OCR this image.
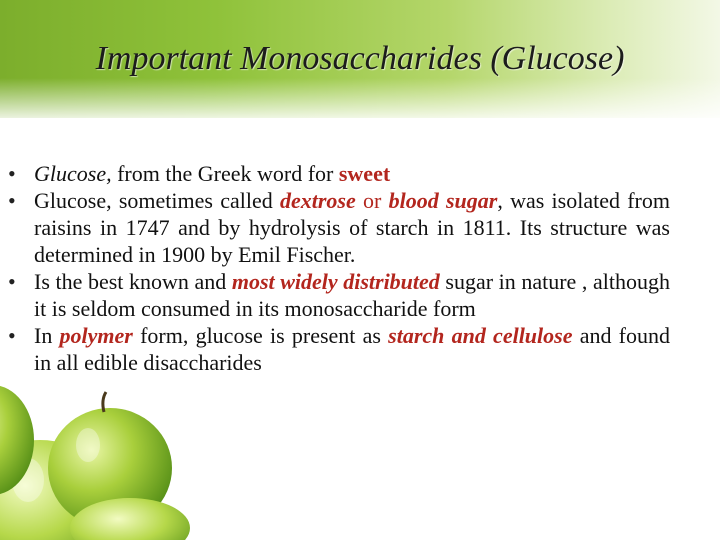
Important Monosaccharides (Glucose)
• Glucose, from the Greek word for sweet
• Glucose, sometimes called dextrose or blood sugar, was isolated from raisins in 1747 and by hydrolysis of starch in 1811. Its structure was determined in 1900 by Emil Fischer.
• Is the best known and most widely distributed sugar in nature , although it is seldom consumed in its monosaccharide form
• In polymer form, glucose is present as starch and cellulose and found in all edible disaccharides
